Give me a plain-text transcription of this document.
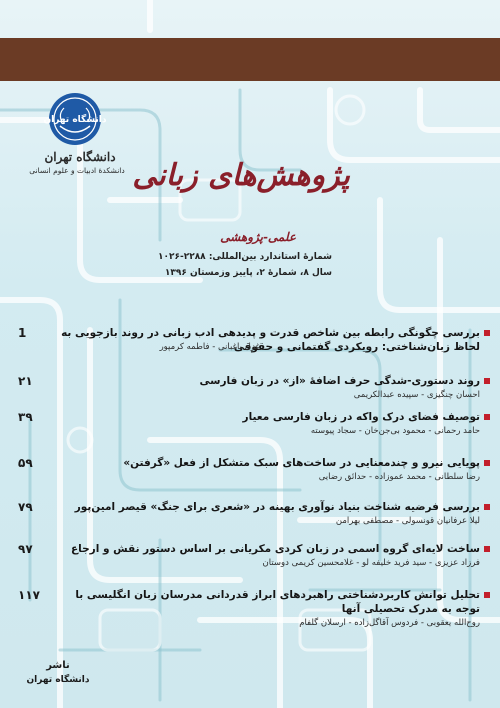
دانشگاه تهران
دانشگاه تهران
دانشکدهٔ ادبیات و علوم انسانی پژوهش‌های زبانی
علمی-پژوهشی
شمارهٔ استاندارد بین‌المللی: ۲۲۸۸-۱۰۲۶
سال ۸، شمارهٔ ۲، پاییز وزمستان ۱۳۹۶
1	بررسی چگونگی رابطه بین شاخص قدرت و پدیدهی ادب زبانی در روند بازجویی به لحاظ زبان‌شناختی: رویکردی گفتمانی و حقوقی
غزل باغبانی - فاطمه کرمپور
۲۱	روند دستوری-شدگی حرف اضافهٔ «از» در زبان فارسی
احسان چنگیزی - سپیده عبدالکریمی
۳۹	توصیف فضای درک واکه در زبان فارسی معیار
حامد رحمانی - محمود بی‌جن‌خان - سجاد پیوسته
۵۹	پویایی نیرو و چندمعنایی در ساخت‌های سبک متشکل از فعل «گرفتن»
رضا سلطانی - محمد عموزاده - حدائق رضایی
۷۹	بررسی فرضیه شناخت بنیاد نوآوری بهینه در «شعری برای جنگ» قیصر امین‌پور
لیلا عرفانیان قونسولی - مصطفی بهرامن
۹۷	ساخت لایه‌ای گروه اسمی در زبان کردی مکریانی بر اساس دستور نقش و ارجاع
فرزاد عزیزی - سید فرید خلیفه لو - غلامحسین کریمی دوستان
۱۱۷	تحلیل توانش کاربردشناختی راهبردهای ابراز قدردانی مدرسان زبان انگلیسی با توجه به مدرک تحصیلی آنها
روح‌الله یعقوبی - فردوس آقاگل‌زاده - ارسلان گلفام
ناشر
دانشگاه تهران
